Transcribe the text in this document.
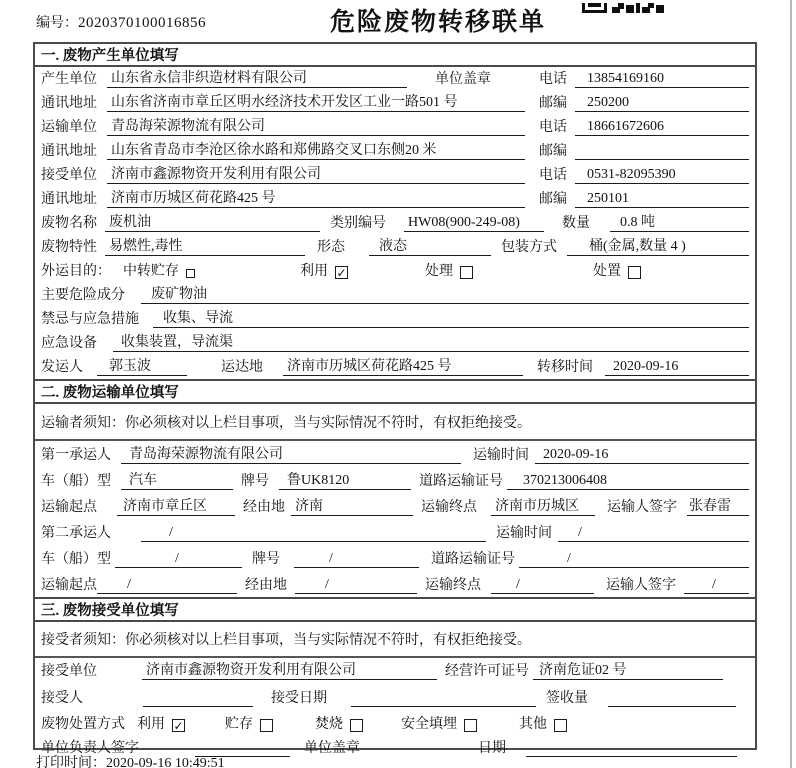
编号：2020370100016856	危险废物转移联单
一. 废物产生单位填写
产生单位 山东省永信非织造材料有限公司	单位盖章	电话	13854169160
通讯地址 山东省济南市章丘区明水经济技术开发区工业一路501 号	邮编	250200
运输单位 青岛海荣源物流有限公司	电话	18661672606
通讯地址 山东省青岛市李沧区徐水路和郑佛路交叉口东侧20 米	邮编
接受单位 济南市鑫源物资开发利用有限公司	电话	0531-82095390
通讯地址 济南市历城区荷花路425 号	邮编	250101
废物名称 废机油	类别编号 HW08(900-249-08)	数量	0.8 吨
废物特性 易燃性,毒性	形态	液态	包装方式	桶(金属,数量 4 )
外运目的： 中转贮存	利用 ✓	处理	处置
主要危险成分	废矿物油
禁忌与应急措施	收集、导流
应急设备	收集装置，导流渠
发运人	郭玉波	运达地 济南市历城区荷花路425 号	转移时间	2020-09-16
二. 废物运输单位填写
运输者须知：你必须核对以上栏目事项，当与实际情况不符时，有权拒绝接受。
第一承运人	青岛海荣源物流有限公司	运输时间	2020-09-16
车（船）型	汽车	牌号	鲁UK8120	道路运输证号	370213006408
运输起点	济南市章丘区	经由地 济南	运输终点 济南市历城区	运输人签字 张春雷
第二承运人	/	运输时间	/
车（船）型	/	牌号	/	道路运输证号	/
运输起点	/	经由地	/	运输终点	/	运输人签字	/
三. 废物接受单位填写
接受者须知：你必须核对以上栏目事项，当与实际情况不符时，有权拒绝接受。
接受单位	济南市鑫源物资开发利用有限公司	经营许可证号 济南危证02 号
接受人	接受日期	签收量
废物处置方式 利用 ✓	贮存	焚烧	安全填埋	其他
单位负责人签字	单位盖章	日期
打印时间：2020-09-16 10:49:51
